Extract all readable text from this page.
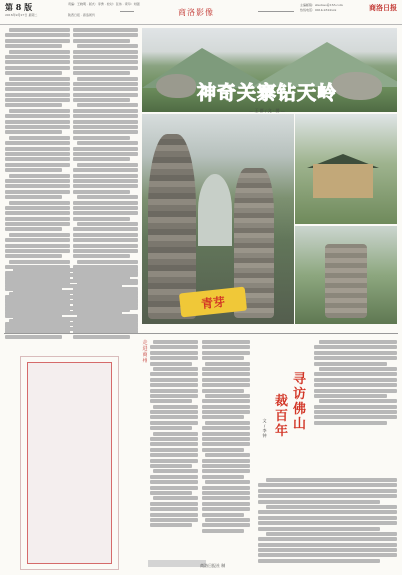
第 8 版
2016年9月27日 星期二
责编：王晓明 · 版式：李勇 · 校对：张伟 · 责印：刘强
陕西日报 · 商洛周刊	商洛影像
主编邮箱：sluobao@163.com
热线电话：0914-2322xxx	商洛日报
神奇关寨钻天岭
— 王 群 / 文 · 图 —
青芽
走进商州
寻访佛山
裁百年
文 / 李 钟
商洛日报社 制
